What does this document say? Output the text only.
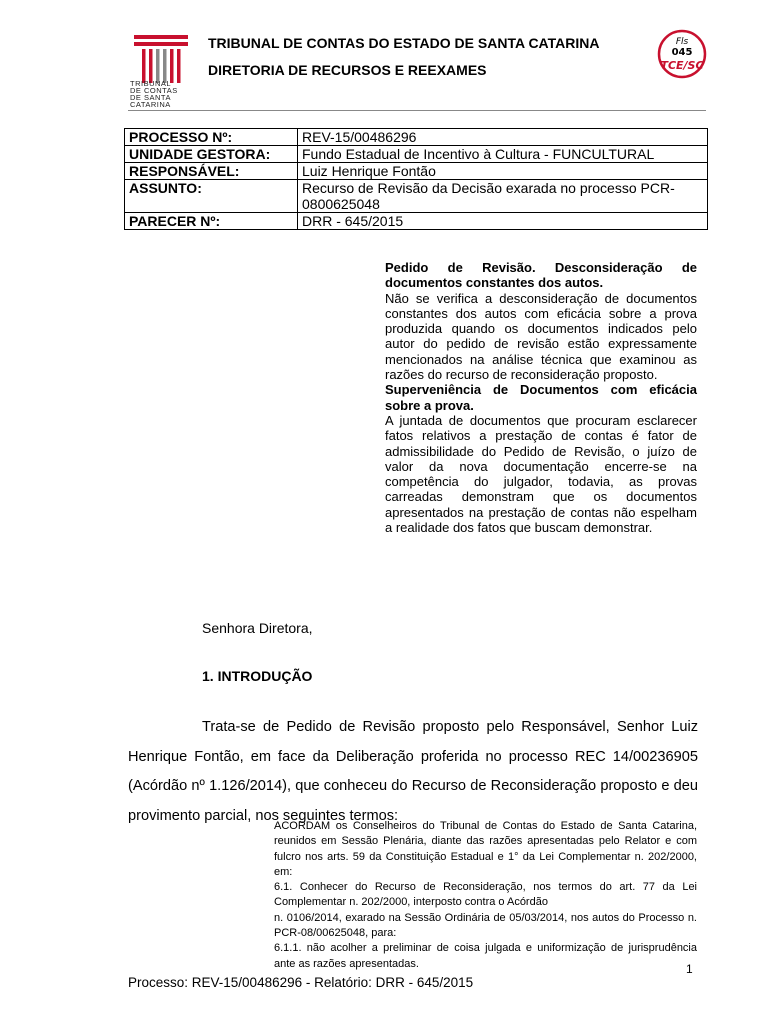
TRIBUNAL
DE CONTAS
DE SANTA
CATARINA
TRIBUNAL DE CONTAS DO ESTADO DE SANTA CATARINA
DIRETORIA DE RECURSOS E REEXAMES
Fls
045
TCE/SC
PROCESSO Nº:	REV-15/00486296
UNIDADE GESTORA:	Fundo Estadual de Incentivo à Cultura - FUNCULTURAL
RESPONSÁVEL:	Luiz Henrique Fontão
ASSUNTO:	Recurso de Revisão da Decisão exarada no processo PCR-0800625048
PARECER Nº:	DRR - 645/2015

Pedido de Revisão. Desconsideração de documentos constantes dos autos.

Não se verifica a desconsideração de documentos constantes dos autos com eficácia sobre a prova produzida quando os documentos indicados pelo autor do pedido de revisão estão expressamente mencionados na análise técnica que examinou as razões do recurso de reconsideração proposto.

Superveniência de Documentos com eficácia sobre a prova.

A juntada de documentos que procuram esclarecer fatos relativos a prestação de contas é fator de admissibilidade do Pedido de Revisão, o juízo de valor da nova documentação encerre-se na competência do julgador, todavia, as provas carreadas demonstram que os documentos apresentados na prestação de contas não espelham a realidade dos fatos que buscam demonstrar.

Senhora Diretora,
1. INTRODUÇÃO

Trata-se de Pedido de Revisão proposto pelo Responsável, Senhor Luiz Henrique Fontão, em face da Deliberação proferida no processo REC 14/00236905 (Acórdão nº 1.126/2014), que conheceu do Recurso de Reconsideração proposto e deu provimento parcial, nos seguintes termos:

ACORDAM os Conselheiros do Tribunal de Contas do Estado de Santa Catarina, reunidos em Sessão Plenária, diante das razões apresentadas pelo Relator e com fulcro nos arts. 59 da Constituição Estadual e 1° da Lei Complementar n. 202/2000, em:

6.1. Conhecer do Recurso de Reconsideração, nos termos do art. 77 da Lei Complementar n. 202/2000, interposto contra o Acórdão

n. 0106/2014, exarado na Sessão Ordinária de 05/03/2014, nos autos do Processo n. PCR-08/00625048, para:

6.1.1. não acolher a preliminar de coisa julgada e uniformização de jurisprudência ante as razões apresentadas.	1
Processo: REV-15/00486296 - Relatório: DRR - 645/2015
